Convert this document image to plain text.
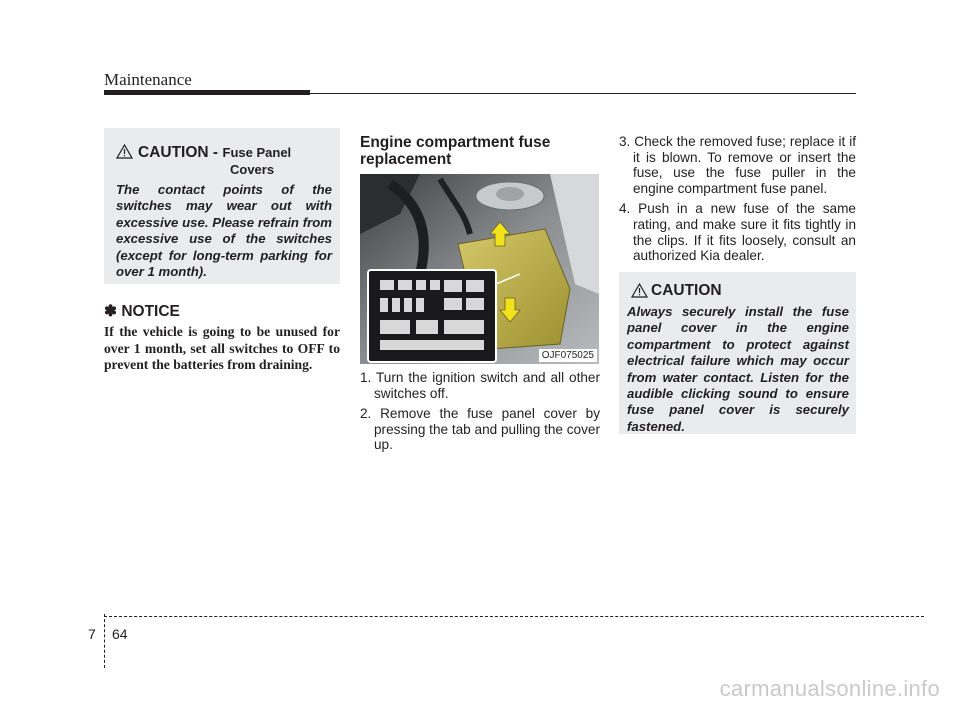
Maintenance
CAUTION - Fuse Panel
Covers
The contact points of the switches may wear out with excessive use. Please refrain from excessive use of the switches (except for long-term parking for over 1 month).
✽ NOTICE
If the vehicle is going to be unused for over 1 month, set all switches to OFF to prevent the batteries from draining.
Engine compartment fuse replacement
OJF075025
1. Turn the ignition switch and all other switches off.
2. Remove the fuse panel cover by pressing the tab and pulling the cover up.
3. Check the removed fuse; replace it if it is blown. To remove or insert the fuse, use the fuse puller in the engine compartment fuse panel.
4. Push in a new fuse of the same rating, and make sure it fits tightly in the clips. If it fits loosely, consult an authorized Kia dealer.
CAUTION
Always securely install the fuse panel cover in the engine compartment to protect against electrical failure which may occur from water contact. Listen for the audible clicking sound to ensure fuse panel cover is securely fastened.
7 64
carmanualsonline.info
